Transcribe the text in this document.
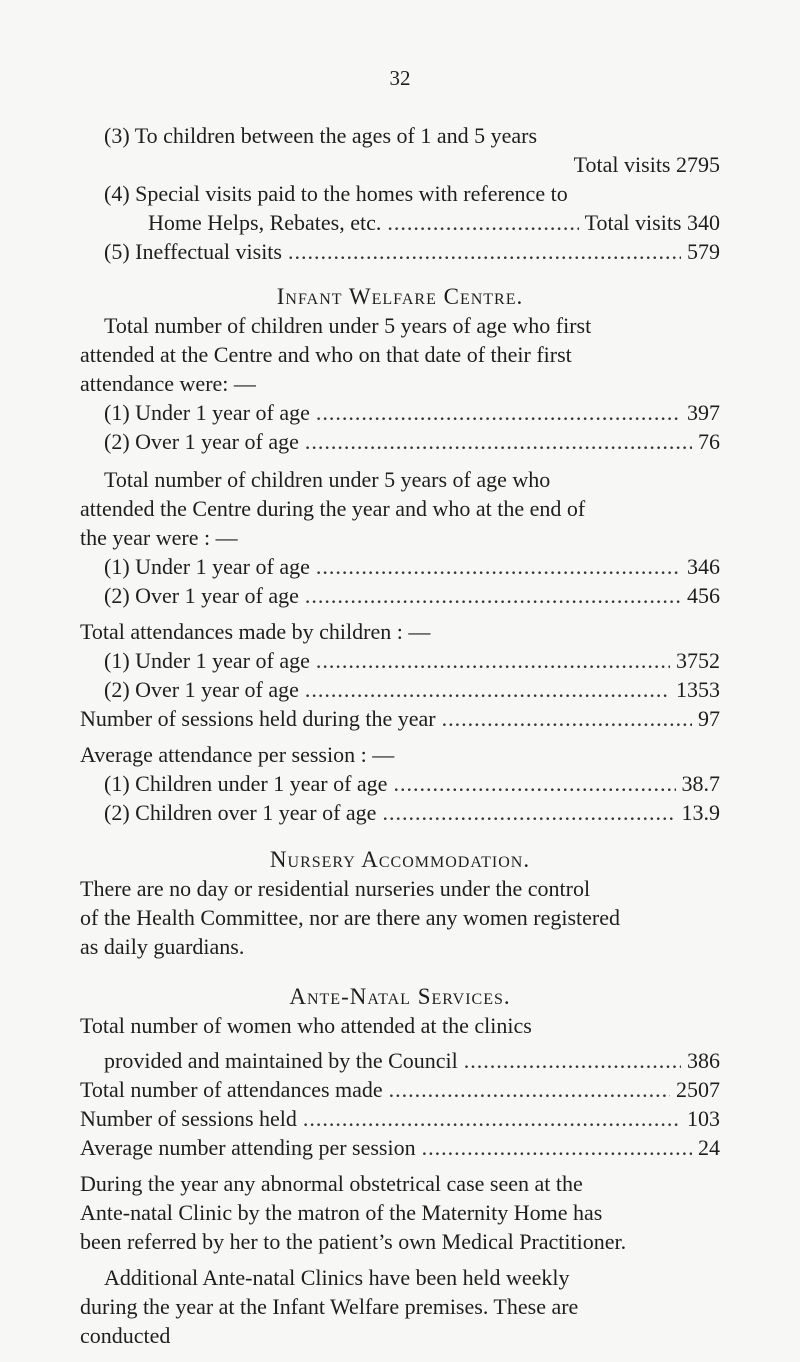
32
(3) To children between the ages of 1 and 5 years
Total visits 2795
(4) Special visits paid to the homes with reference to
Home Helps, Rebates, etc. .....	Total visits 340
(5) Ineffectual visits .....	579
Infant Welfare Centre.
Total number of children under 5 years of age who first
attended at the Centre and who on that date of their first
attendance were: —
(1) Under 1 year of age .....	397
(2) Over 1 year of age .....	76
Total number of children under 5 years of age who
attended the Centre during the year and who at the end of
the year were : —
(1) Under 1 year of age .....	346
(2) Over 1 year of age .....	456
Total attendances made by children : —
(1) Under 1 year of age .....	3752
(2) Over 1 year of age .....	1353
Number of sessions held during the year .....	97
Average attendance per session : —
(1) Children under 1 year of age .....	38.7
(2) Children over 1 year of age .....	13.9
Nursery Accommodation.
There are no day or residential nurseries under the control
of the Health Committee, nor are there any women registered
as daily guardians.
Ante-Natal Services.
Total number of women who attended at the clinics
provided and maintained by the Council .....	386
Total number of attendances made .....	2507
Number of sessions held .....	103
Average number attending per session .....	24
During the year any abnormal obstetrical case seen at the
Ante-natal Clinic by the matron of the Maternity Home has
been referred by her to the patient’s own Medical Practitioner.
Additional Ante-natal Clinics have been held weekly
during the year at the Infant Welfare premises. These are
conducted
